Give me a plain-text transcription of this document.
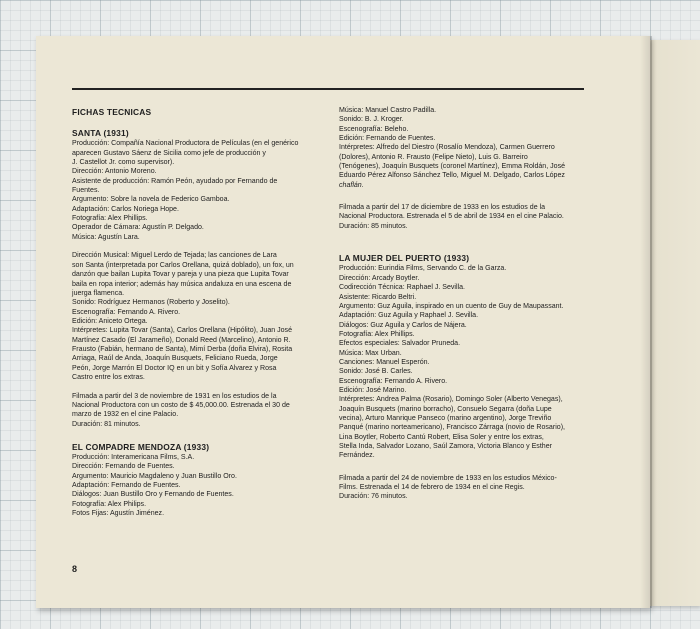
FICHAS TECNICAS

SANTA (1931)

Producción: Compañía Nacional Productora de Películas (en el genérico

aparecen Gustavo Sáenz de Sicilia como jefe de producción y

J. Castellot Jr. como supervisor).

Dirección: Antonio Moreno.

Asistente de producción: Ramón Peón, ayudado por Fernando de

Fuentes.

Argumento: Sobre la novela de Federico Gamboa.

Adaptación: Carlos Noriega Hope.

Fotografía: Alex Phillips.

Operador de Cámara: Agustín P. Delgado.

Música: Agustín Lara.

Dirección Musical: Miguel Lerdo de Tejada; las canciones de Lara

son Santa (interpretada por Carlos Orellana, quizá doblado), un fox, un

danzón que bailan Lupita Tovar y pareja y una pieza que Lupita Tovar

baila en ropa interior; además hay música andaluza en una escena de

juerga flamenca.

Sonido: Rodríguez Hermanos (Roberto y Joselito).

Escenografía: Fernando A. Rivero.

Edición: Aniceto Ortega.

Intérpretes: Lupita Tovar (Santa), Carlos Orellana (Hipólito), Juan José

Martínez Casado (El Jarameño), Donald Reed (Marcelino), Antonio R.

Frausto (Fabián, hermano de Santa), Mimí Derba (doña Elvira), Rosita

Arriaga, Raúl de Anda, Joaquín Busquets, Feliciano Rueda, Jorge

Peón, Jorge Marrón El Doctor IQ en un bit y Sofía Alvarez y Rosa

Castro entre los extras.

Filmada a partir del 3 de noviembre de 1931 en los estudios de la

Nacional Productora con un costo de $ 45,000.00. Estrenada el 30 de

marzo de 1932 en el cine Palacio.

Duración: 81 minutos.

EL COMPADRE MENDOZA (1933)

Producción: Interamericana Films, S.A.

Dirección: Fernando de Fuentes.

Argumento: Mauricio Magdaleno y Juan Bustillo Oro.

Adaptación: Fernando de Fuentes.

Diálogos: Juan Bustillo Oro y Fernando de Fuentes.

Fotografía: Alex Philips.

Fotos Fijas: Agustín Jiménez.

Música: Manuel Castro Padilla.

Sonido: B. J. Kroger.

Escenografía: Beleho.

Edición: Fernando de Fuentes.

Intérpretes: Alfredo del Diestro (Rosalío Mendoza), Carmen Guerrero

(Dolores), Antonio R. Frausto (Felipe Nieto), Luis G. Barreiro

(Tenógenes), Joaquín Busquets (coronel Martínez), Emma Roldán, José

Eduardo Pérez Alfonso Sánchez Tello, Miguel M. Delgado, Carlos López

chaflán.

Filmada a partir del 17 de diciembre de 1933 en los estudios de la

Nacional Productora. Estrenada el 5 de abril de 1934 en el cine Palacio.

Duración: 85 minutos.

LA MUJER DEL PUERTO (1933)

Producción: Eurindia Films, Servando C. de la Garza.

Dirección: Arcady Boytler.

Codirección Técnica: Raphael J. Sevilla.

Asistente: Ricardo Beltri.

Argumento: Guz Aguila, inspirado en un cuento de Guy de Maupassant.

Adaptación: Guz Aguila y Raphael J. Sevilla.

Diálogos: Guz Aguila y Carlos de Nájera.

Fotografía: Alex Phillips.

Efectos especiales: Salvador Pruneda.

Música: Max Urban.

Canciones: Manuel Esperón.

Sonido: José B. Carles.

Escenografía: Fernando A. Rivero.

Edición: José Marino.

Intérpretes: Andrea Palma (Rosario), Domingo Soler (Alberto Venegas),

Joaquín Busquets (marino borracho), Consuelo Segarra (doña Lupe

vecina), Arturo Manrique Panseco (marino argentino), Jorge Treviño

Panqué (marino norteamericano), Francisco Zárraga (novio de Rosario),

Lina Boytler, Roberto Cantú Robert, Elisa Soler y entre los extras,

Stella Inda, Salvador Lozano, Saúl Zamora, Victoria Blanco y Esther

Fernández.

Filmada a partir del 24 de noviembre de 1933 en los estudios México-

Films. Estrenada el 14 de febrero de 1934 en el cine Regis.

Duración: 76 minutos.

8
